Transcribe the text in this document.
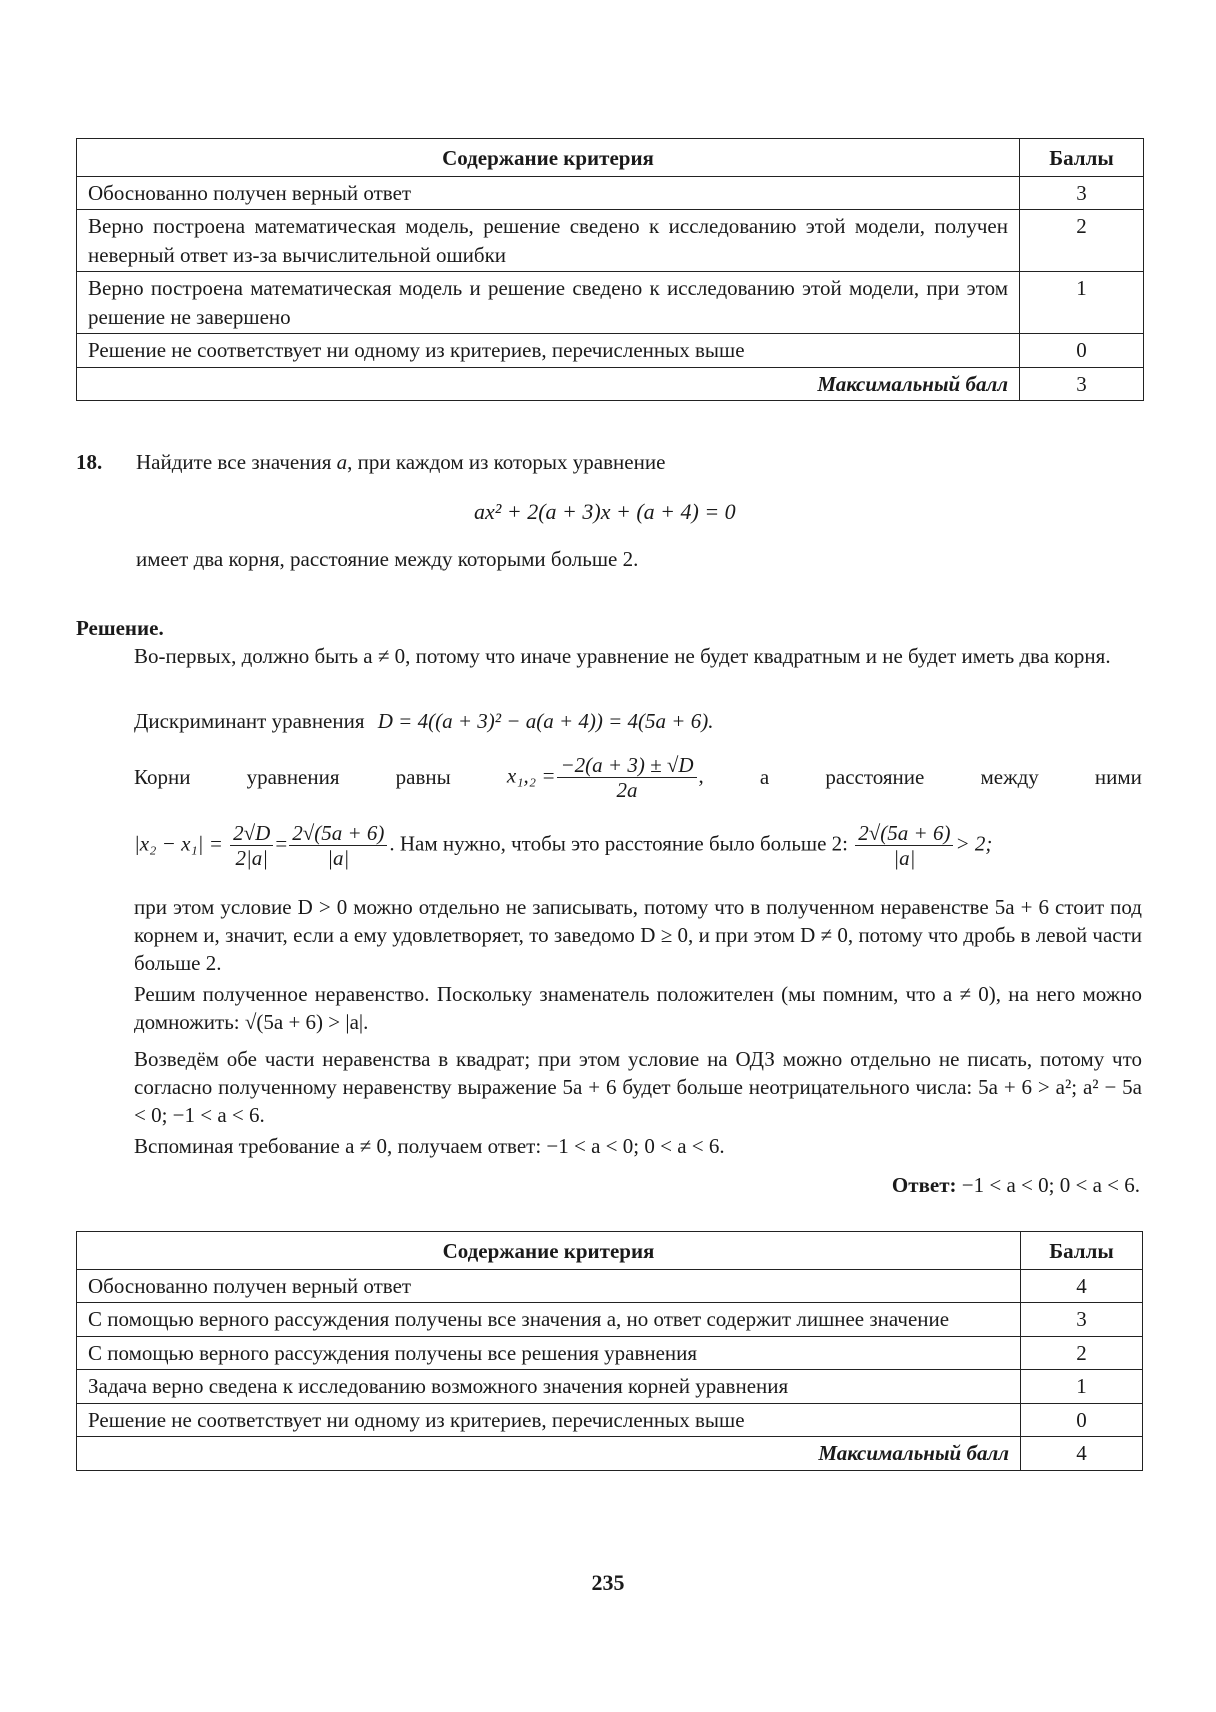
Содержание критерия	Баллы
Обоснованно получен верный ответ	3
Верно построена математическая модель, решение сведено к исследованию этой модели, получен неверный ответ из-за вычислительной ошибки	2
Верно построена математическая модель и решение сведено к исследованию этой модели, при этом решение не завершено	1
Решение не соответствует ни одному из критериев, перечисленных выше	0
Максимальный балл	3
18. Найдите все значения a, при каждом из которых уравнение
ax² + 2(a + 3)x + (a + 4) = 0
имеет два корня, расстояние между которыми больше 2.
Решение.
Во-первых, должно быть a ≠ 0, потому что иначе уравнение не будет квадратным и не будет иметь два корня.
Дискриминант уравнения D = 4((a + 3)² − a(a + 4)) = 4(5a + 6).
Корни	уравнения	равны	$x_1,_2 = \frac{-2(a + 3) \pm √D}{2a}$ ,	а	расстояние	между	ними
$|x_2 - x_1| = \frac{2√D}{2|a|} = \frac{2√(5a + 6)}{|a|}$ . Нам нужно, чтобы это расстояние было больше 2: $\frac{2√(5a + 6)}{|a|} > 2$;
при этом условие D > 0 можно отдельно не записывать, потому что в полученном неравенстве 5a + 6 стоит под корнем и, значит, если a ему удовлетворяет, то заведомо D ≥ 0, и при этом D ≠ 0, потому что дробь в левой части больше 2.
Решим полученное неравенство. Поскольку знаменатель положителен (мы помним, что a ≠ 0), на него можно домножить: √(5a + 6) > |a|.
Возведём обе части неравенства в квадрат; при этом условие на ОДЗ можно отдельно не писать, потому что согласно полученному неравенству выражение 5a + 6 будет больше неотрицательного числа: 5a + 6 > a²; a² − 5a < 0; −1 < a < 6.
Вспоминая требование a ≠ 0, получаем ответ: −1 < a < 0; 0 < a < 6.
Ответ: −1 < a < 0; 0 < a < 6.
Содержание критерия	Баллы
Обоснованно получен верный ответ	4
С помощью верного рассуждения получены все значения a, но ответ содержит лишнее значение	3
С помощью верного рассуждения получены все решения уравнения	2
Задача верно сведена к исследованию возможного значения корней уравнения	1
Решение не соответствует ни одному из критериев, перечисленных выше	0
Максимальный балл	4
235
